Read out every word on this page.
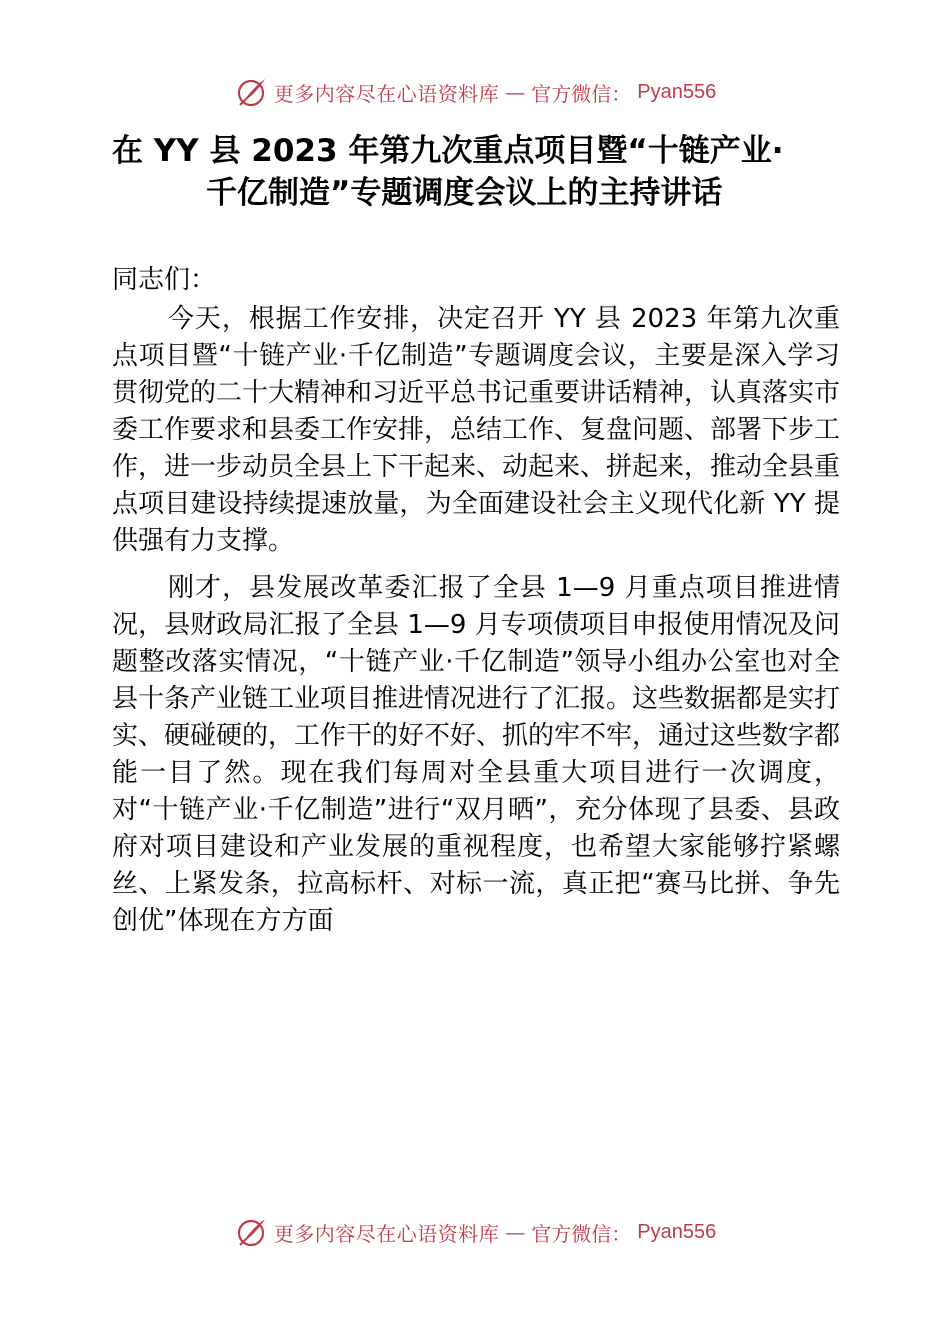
更多内容尽在心语资料库 — 官方微信： Pyan556
在 YY 县 2023 年第九次重点项目暨“十链产业·
千亿制造”专题调度会议上的主持讲话

同志们：

今天，根据工作安排，决定召开 YY 县 2023 年第九次重点项目暨“十链产业·千亿制造”专题调度会议，主要是深入学习贯彻党的二十大精神和习近平总书记重要讲话精神，认真落实市委工作要求和县委工作安排，总结工作、复盘问题、部署下步工作，进一步动员全县上下干起来、动起来、拼起来，推动全县重点项目建设持续提速放量，为全面建设社会主义现代化新 YY 提供强有力支撑。

刚才，县发展改革委汇报了全县 1—9 月重点项目推进情况，县财政局汇报了全县 1—9 月专项债项目申报使用情况及问题整改落实情况，“十链产业·千亿制造”领导小组办公室也对全县十条产业链工业项目推进情况进行了汇报。这些数据都是实打实、硬碰硬的，工作干的好不好、抓的牢不牢，通过这些数字都能一目了然。现在我们每周对全县重大项目进行一次调度，对“十链产业·千亿制造”进行“双月晒”，充分体现了县委、县政府对项目建设和产业发展的重视程度，也希望大家能够拧紧螺丝、上紧发条，拉高标杆、对标一流，真正把“赛马比拼、争先创优”体现在方方面

更多内容尽在心语资料库 — 官方微信： Pyan556
